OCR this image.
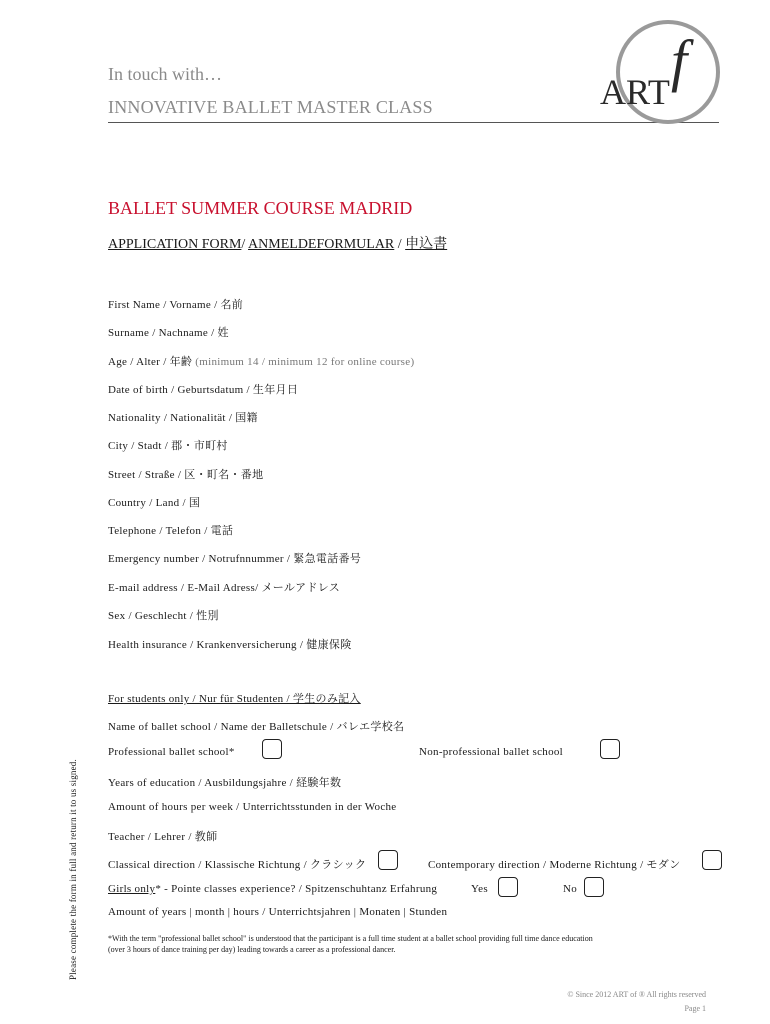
In touch with…
INNOVATIVE BALLET MASTER CLASS
f
ART
BALLET SUMMER COURSE MADRID
APPLICATION FORM/ ANMELDEFORMULAR / 申込書
First Name / Vorname / 名前
Surname / Nachname / 姓
Age / Alter / 年齢 (minimum 14 / minimum 12 for online course)
Date of birth / Geburtsdatum / 生年月日
Nationality / Nationalität / 国籍
City / Stadt / 郡・市町村
Street / Straße / 区・町名・番地
Country / Land / 国
Telephone / Telefon / 電話
Emergency number / Notrufnnummer / 緊急電話番号
E-mail address / E-Mail Adress/ メールアドレス
Sex / Geschlecht / 性別
Health insurance / Krankenversicherung / 健康保険
For students only / Nur für Studenten / 学生のみ記入
Name of ballet school / Name der Balletschule / バレエ学校名
Professional ballet school*	Non-professional ballet school
Years of education / Ausbildungsjahre / 経験年数
Amount of hours per week / Unterrichtsstunden in der Woche
Teacher / Lehrer / 教師
Classical direction / Klassische Richtung / クラシック	Contemporary direction / Moderne Richtung / モダン
Girls only* - Pointe classes experience? / Spitzenschuhtanz Erfahrung	Yes	No
Amount of years | month | hours / Unterrichtsjahren | Monaten | Stunden
*With the term "professional ballet school" is understood that the participant is a full time student at a ballet school providing full time dance education
(over 3 hours of dance training per day) leading towards a career as a professional dancer.
Please complete the form in full and return it to us signed.
© Since 2012 ART of ® All rights reserved
Page 1
